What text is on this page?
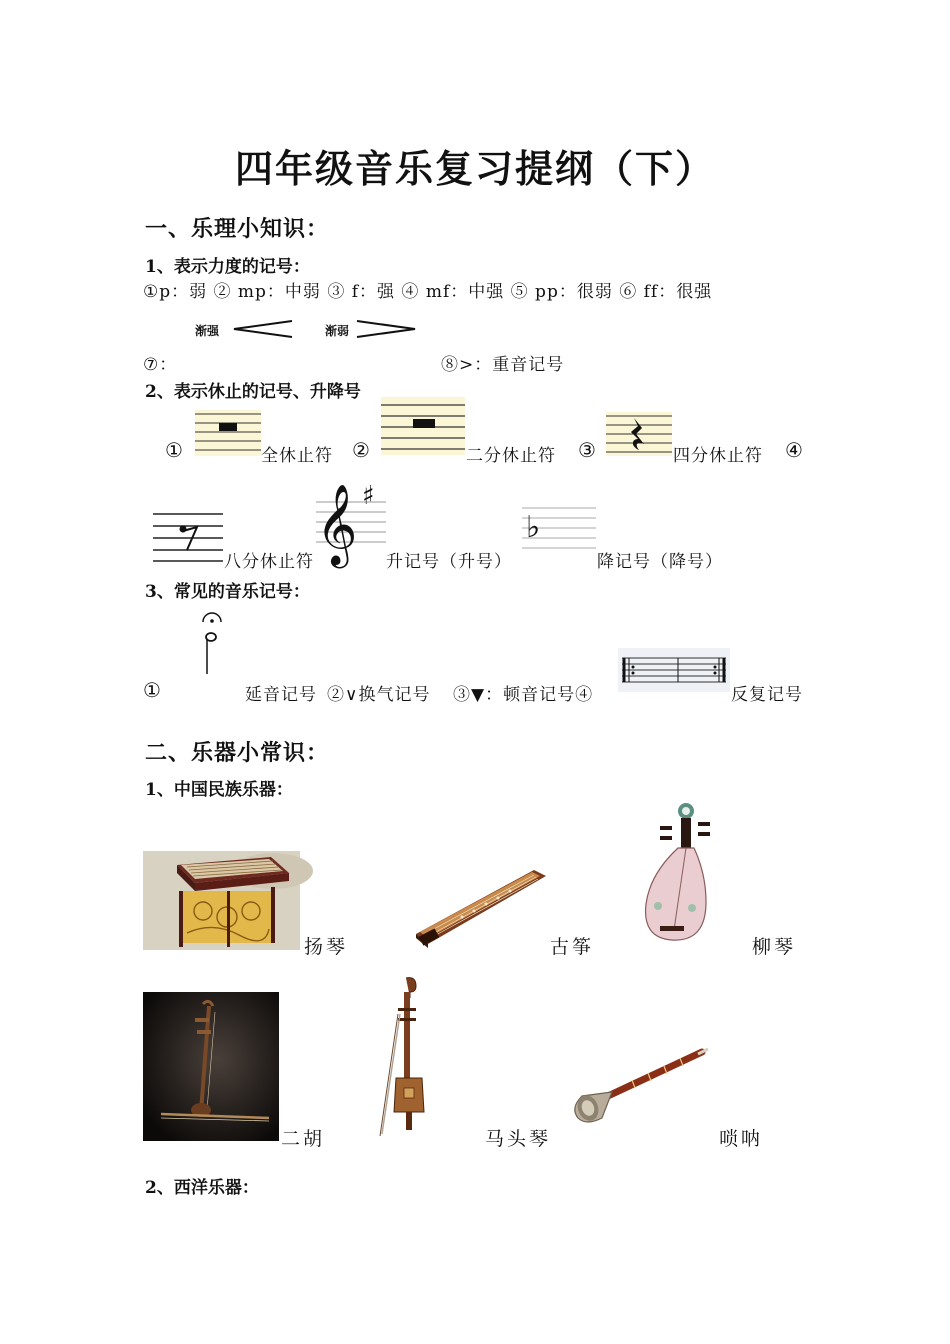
四年级音乐复习提纲（下）
一、乐理小知识：
1、表示力度的记号：
①p：弱 ② mp：中弱 ③ f：强 ④ mf：中强 ⑤ pp：很弱 ⑥ ff：很强
渐强	渐弱
⑦：	⑧>：重音记号
2、表示休止的记号、升降号
①	全休止符 ②	二分休止符 ③	四分休止符 ④
八分休止符 𝄞 ♯
升记号（升号）
♭
降记号（降号）
3、常见的音乐记号：
①	延音记号 ②∨换气记号 ③▼：顿音记号④	反复记号
二、乐器小常识：
1、中国民族乐器：
扬琴	古筝	柳琴
二胡	马头琴	唢呐
2、西洋乐器：
